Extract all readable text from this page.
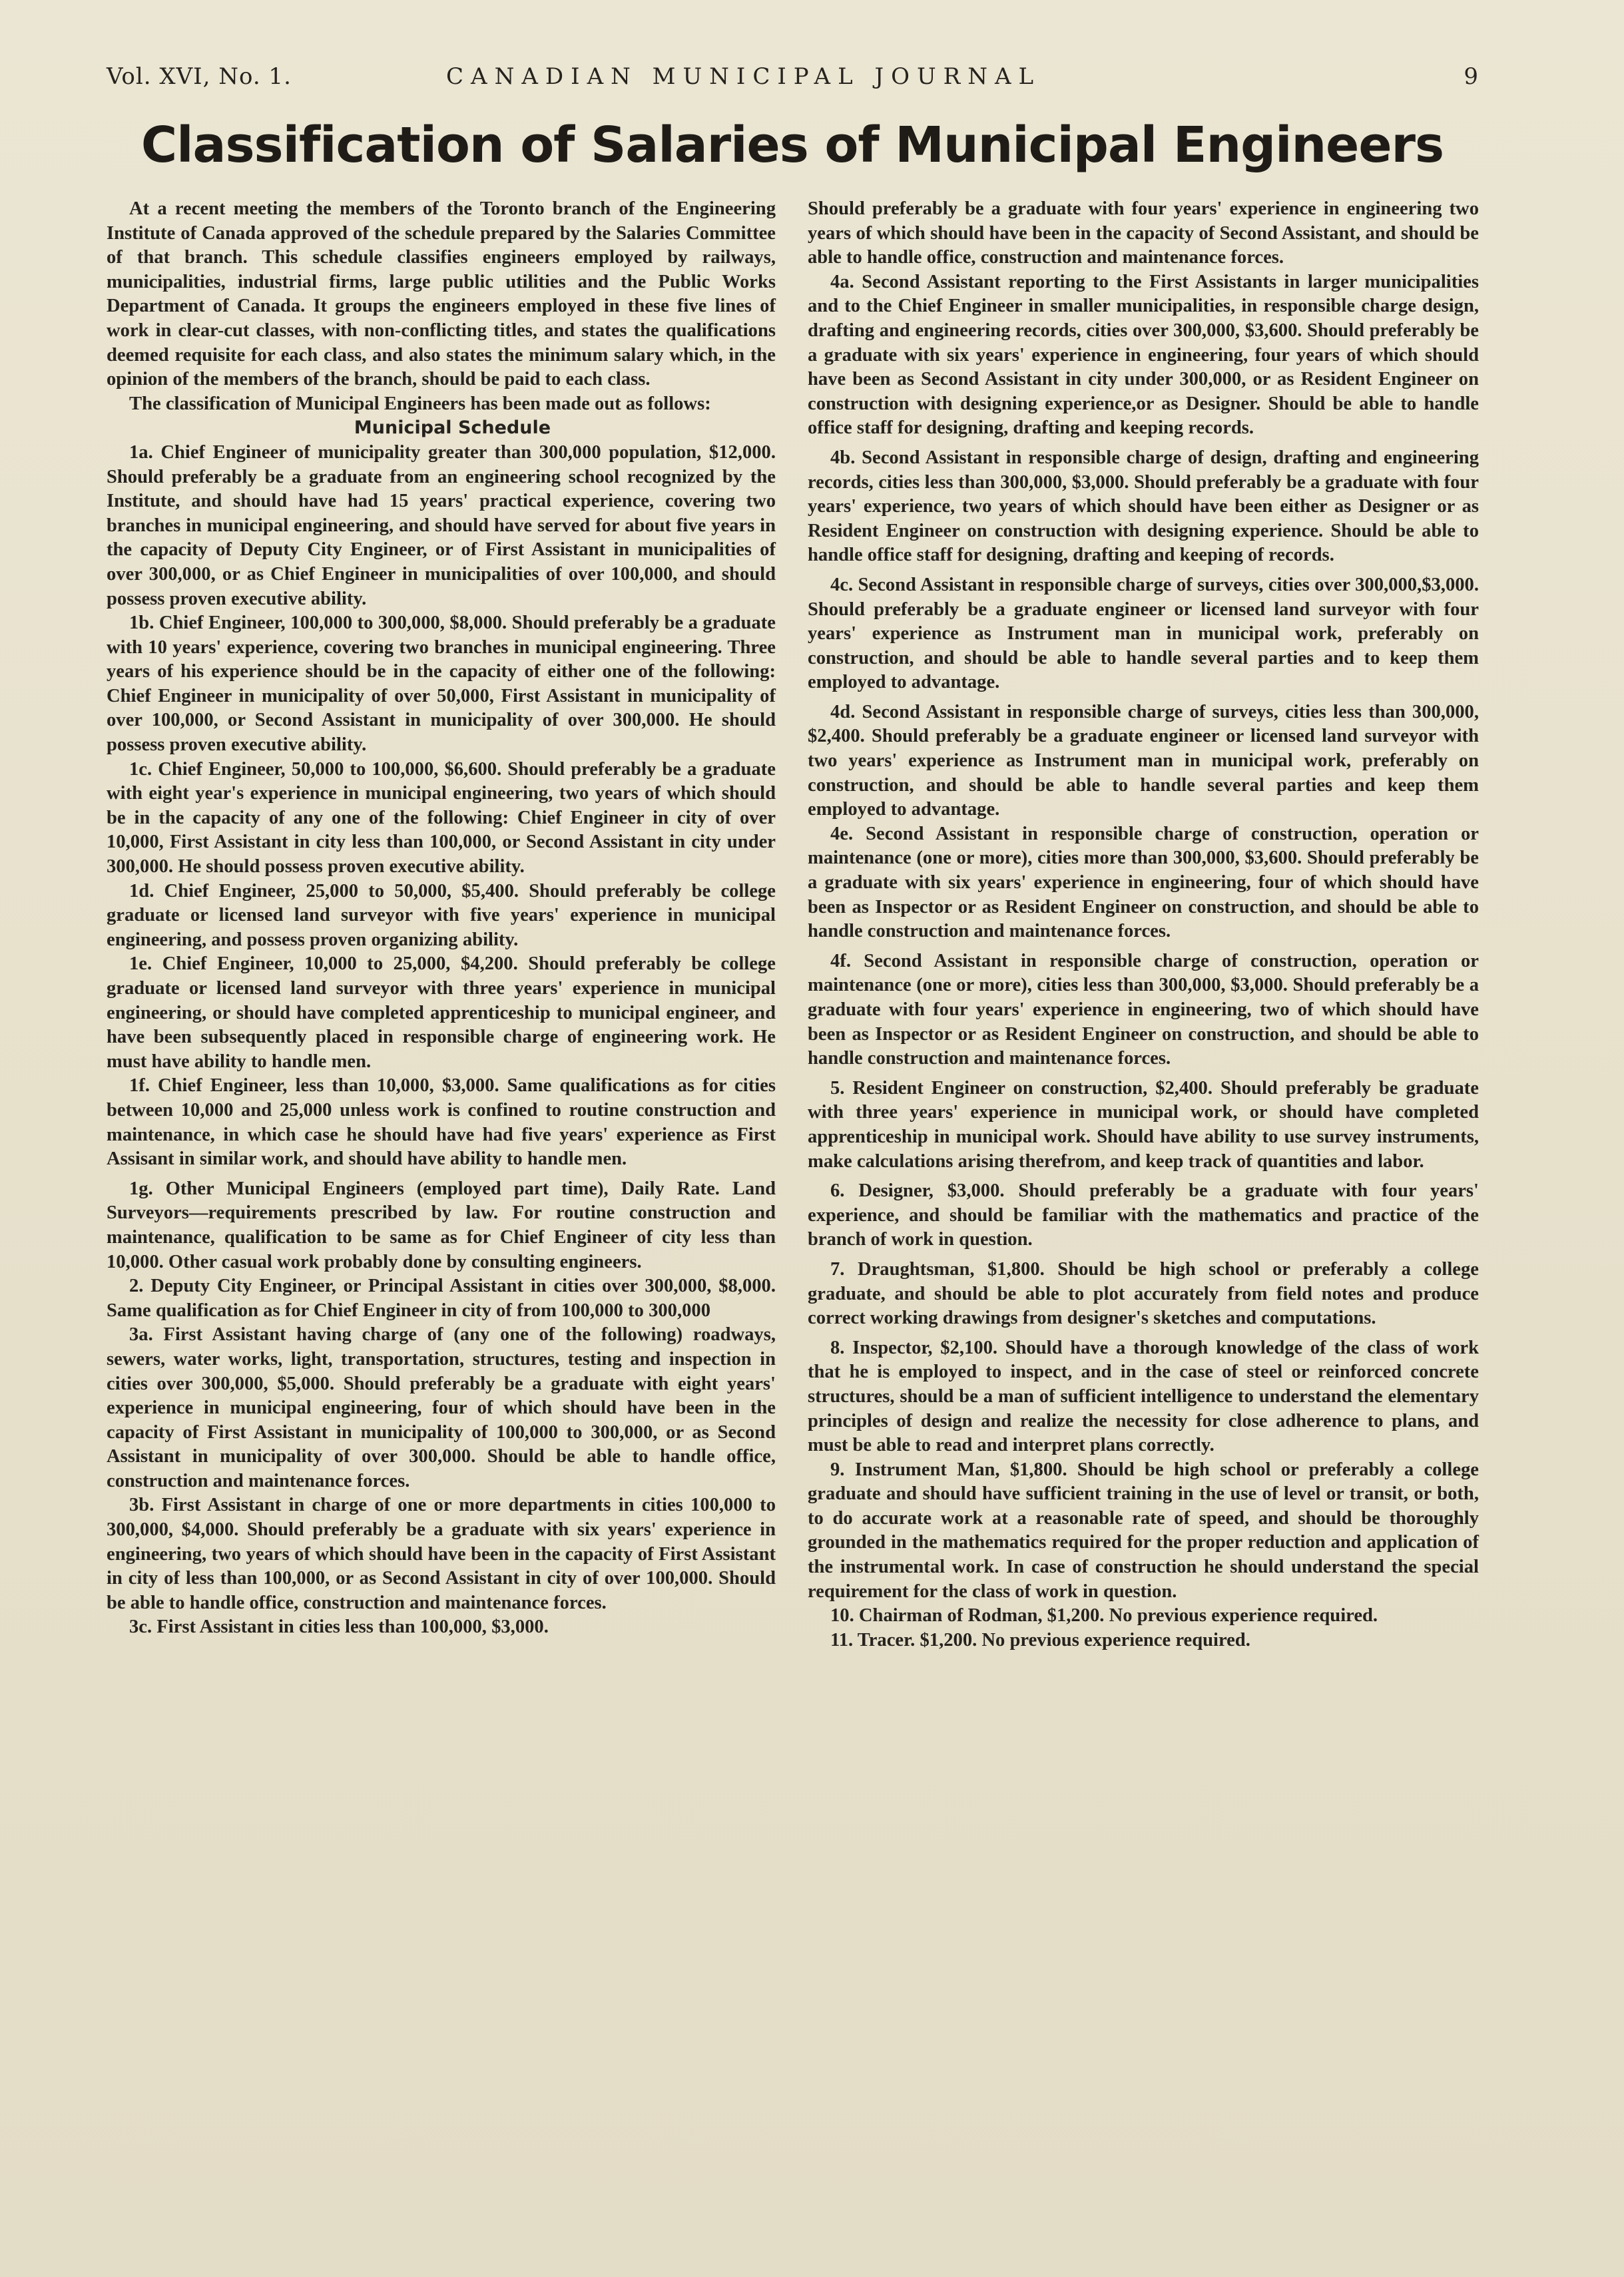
Vol. XVI, No. 1.	CANADIAN MUNICIPAL JOURNAL	9
Classification of Salaries of Municipal Engineers

At a recent meeting the members of the Toronto branch of the Engineering Institute of Canada approved of the schedule prepared by the Salaries Committee of that branch. This schedule classifies engineers employed by railways, municipalities, industrial firms, large public utilities and the Public Works Department of Canada. It groups the engineers employed in these five lines of work in clear-cut classes, with non-conflicting titles, and states the qualifications deemed requisite for each class, and also states the minimum salary which, in the opinion of the members of the branch, should be paid to each class.

The classification of Municipal Engineers has been made out as follows:

Municipal Schedule

1a. Chief Engineer of municipality greater than 300,000 population, $12,000. Should preferably be a graduate from an engineering school recognized by the Institute, and should have had 15 years' practical experience, covering two branches in municipal engineering, and should have served for about five years in the capacity of Deputy City Engineer, or of First Assistant in municipalities of over 300,000, or as Chief Engineer in municipalities of over 100,000, and should possess proven executive ability.

1b. Chief Engineer, 100,000 to 300,000, $8,000. Should preferably be a graduate with 10 years' experience, covering two branches in municipal engineering. Three years of his experience should be in the capacity of either one of the following: Chief Engineer in municipality of over 50,000, First Assistant in municipality of over 100,000, or Second Assistant in municipality of over 300,000. He should possess proven executive ability.

1c. Chief Engineer, 50,000 to 100,000, $6,600. Should preferably be a graduate with eight year's experience in municipal engineering, two years of which should be in the capacity of any one of the following: Chief Engineer in city of over 10,000, First Assistant in city less than 100,000, or Second Assistant in city under 300,000. He should possess proven executive ability.

1d. Chief Engineer, 25,000 to 50,000, $5,400. Should preferably be college graduate or licensed land surveyor with five years' experience in municipal engineering, and possess proven organizing ability.

1e. Chief Engineer, 10,000 to 25,000, $4,200. Should preferably be college graduate or licensed land surveyor with three years' experience in municipal engineering, or should have completed apprenticeship to municipal engineer, and have been subsequently placed in responsible charge of engineering work. He must have ability to handle men.

1f. Chief Engineer, less than 10,000, $3,000. Same qualifications as for cities between 10,000 and 25,000 unless work is confined to routine construction and maintenance, in which case he should have had five years' experience as First Assisant in similar work, and should have ability to handle men.

1g. Other Municipal Engineers (employed part time), Daily Rate. Land Surveyors—requirements prescribed by law. For routine construction and maintenance, qualification to be same as for Chief Engineer of city less than 10,000. Other casual work probably done by consulting engineers.

2. Deputy City Engineer, or Principal Assistant in cities over 300,000, $8,000. Same qualification as for Chief Engineer in city of from 100,000 to 300,000

3a. First Assistant having charge of (any one of the following) roadways, sewers, water works, light, transportation, structures, testing and inspection in cities over 300,000, $5,000. Should preferably be a graduate with eight years' experience in municipal engineering, four of which should have been in the capacity of First Assistant in municipality of 100,000 to 300,000, or as Second Assistant in municipality of over 300,000. Should be able to handle office, construction and maintenance forces.

3b. First Assistant in charge of one or more departments in cities 100,000 to 300,000, $4,000. Should preferably be a graduate with six years' experience in engineering, two years of which should have been in the capacity of First Assistant in city of less than 100,000, or as Second Assistant in city of over 100,000. Should be able to handle office, construction and maintenance forces.

3c. First Assistant in cities less than 100,000, $3,000.

Should preferably be a graduate with four years' experience in engineering two years of which should have been in the capacity of Second Assistant, and should be able to handle office, construction and maintenance forces.

4a. Second Assistant reporting to the First Assistants in larger municipalities and to the Chief Engineer in smaller municipalities, in responsible charge design, drafting and engineering records, cities over 300,000, $3,600. Should preferably be a graduate with six years' experience in engineering, four years of which should have been as Second Assistant in city under 300,000, or as Resident Engineer on construction with designing experience,or as Designer. Should be able to handle office staff for designing, drafting and keeping records.

4b. Second Assistant in responsible charge of design, drafting and engineering records, cities less than 300,000, $3,000. Should preferably be a graduate with four years' experience, two years of which should have been either as Designer or as Resident Engineer on construction with designing experience. Should be able to handle office staff for designing, drafting and keeping of records.

4c. Second Assistant in responsible charge of surveys, cities over 300,000,$3,000. Should preferably be a graduate engineer or licensed land surveyor with four years' experience as Instrument man in municipal work, preferably on construction, and should be able to handle several parties and to keep them employed to advantage.

4d. Second Assistant in responsible charge of surveys, cities less than 300,000, $2,400. Should preferably be a graduate engineer or licensed land surveyor with two years' experience as Instrument man in municipal work, preferably on construction, and should be able to handle several parties and keep them employed to advantage.

4e. Second Assistant in responsible charge of construction, operation or maintenance (one or more), cities more than 300,000, $3,600. Should preferably be a graduate with six years' experience in engineering, four of which should have been as Inspector or as Resident Engineer on construction, and should be able to handle construction and maintenance forces.

4f. Second Assistant in responsible charge of construction, operation or maintenance (one or more), cities less than 300,000, $3,000. Should preferably be a graduate with four years' experience in engineering, two of which should have been as Inspector or as Resident Engineer on construction, and should be able to handle construction and maintenance forces.

5. Resident Engineer on construction, $2,400. Should preferably be graduate with three years' experience in municipal work, or should have completed apprenticeship in municipal work. Should have ability to use survey instruments, make calculations arising therefrom, and keep track of quantities and labor.

6. Designer, $3,000. Should preferably be a graduate with four years' experience, and should be familiar with the mathematics and practice of the branch of work in question.

7. Draughtsman, $1,800. Should be high school or preferably a college graduate, and should be able to plot accurately from field notes and produce correct working drawings from designer's sketches and computations.

8. Inspector, $2,100. Should have a thorough knowledge of the class of work that he is employed to inspect, and in the case of steel or reinforced concrete structures, should be a man of sufficient intelligence to understand the elementary principles of design and realize the necessity for close adherence to plans, and must be able to read and interpret plans correctly.

9. Instrument Man, $1,800. Should be high school or preferably a college graduate and should have sufficient training in the use of level or transit, or both, to do accurate work at a reasonable rate of speed, and should be thoroughly grounded in the mathematics required for the proper reduction and application of the instrumental work. In case of construction he should understand the special requirement for the class of work in question.

10. Chairman of Rodman, $1,200. No previous experience required.

11. Tracer. $1,200. No previous experience required.
